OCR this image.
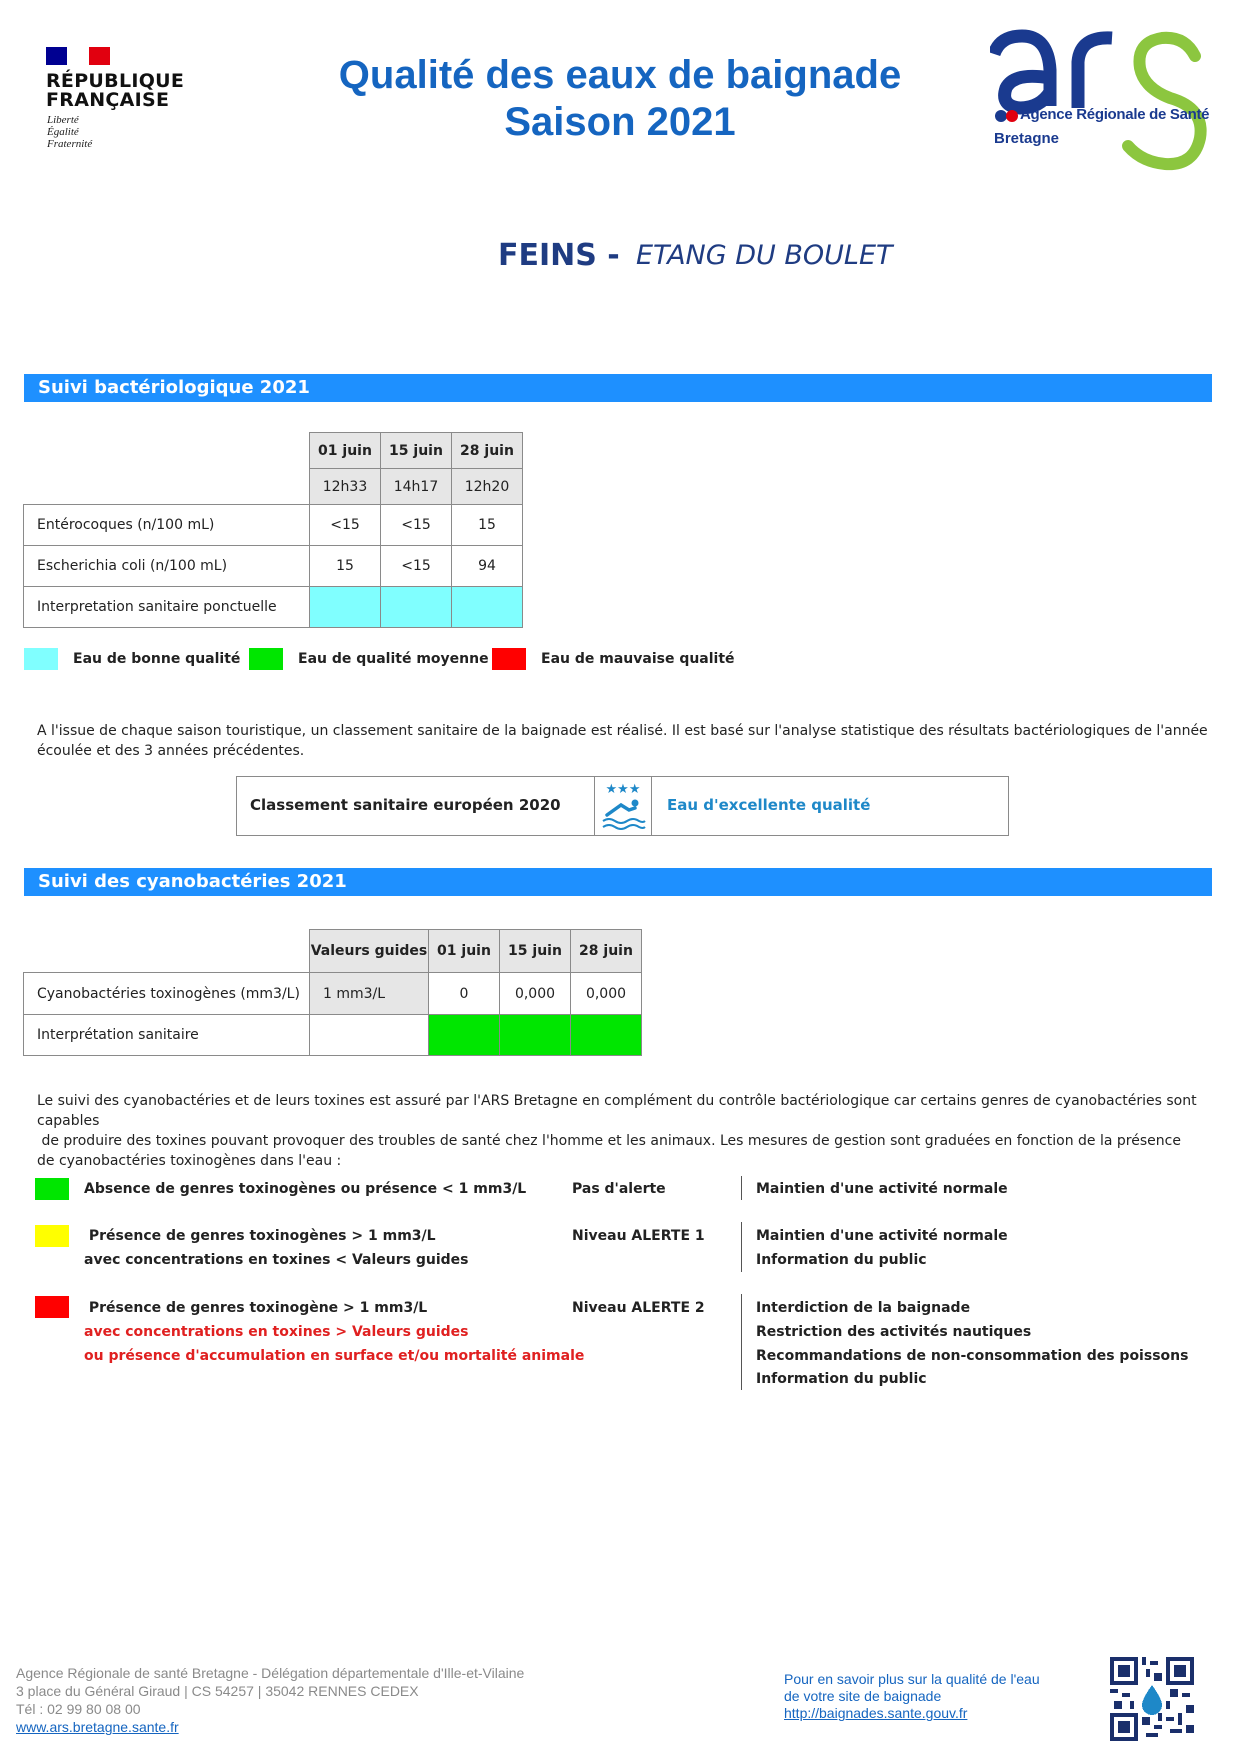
RÉPUBLIQUE
FRANÇAISE
Liberté
Égalité
Fraternité
Qualité des eaux de baignade
Saison 2021	Agence Régionale de Santé
Bretagne
FEINS - ETANG DU BOULET
Suivi bactériologique 2021
	01 juin	15 juin	28 juin
	12h33	14h17	12h20
Entérocoques (n/100 mL)	<15	<15	15
Escherichia coli (n/100 mL)	15	<15	94
Interpretation sanitaire ponctuelle			
Eau de bonne qualité	Eau de qualité moyenne	Eau de mauvaise qualité
A l'issue de chaque saison touristique, un classement sanitaire de la baignade est réalisé. Il est basé sur l'analyse statistique des résultats bactériologiques de l'année écoulée et des 3 années précédentes.
Classement sanitaire européen 2020
★★★
Eau d'excellente qualité
Suivi des cyanobactéries 2021
	Valeurs guides	01 juin	15 juin	28 juin
Cyanobactéries toxinogènes (mm3/L)	1 mm3/L	0	0,000	0,000
Interprétation sanitaire				
Le suivi des cyanobactéries et de leurs toxines est assuré par l'ARS Bretagne en complément du contrôle bactériologique car certains genres de cyanobactéries sont capables
de produire des toxines pouvant provoquer des troubles de santé chez l'homme et les animaux. Les mesures de gestion sont graduées en fonction de la présence
de cyanobactéries toxinogènes dans l'eau :
Absence de genres toxinogènes ou présence < 1 mm3/L	Pas d'alerte	Maintien d'une activité normale
Présence de genres toxinogènes > 1 mm3/L
avec concentrations en toxines < Valeurs guides
Niveau ALERTE 1	Maintien d'une activité normale
Information du public
Présence de genres toxinogène > 1 mm3/L
avec concentrations en toxines > Valeurs guides
ou présence d'accumulation en surface et/ou mortalité animale
Niveau ALERTE 2	Interdiction de la baignade
Restriction des activités nautiques
Recommandations de non-consommation des poissons
Information du public
Agence Régionale de santé Bretagne - Délégation départementale d'Ille-et-Vilaine
3 place du Général Giraud | CS 54257 | 35042 RENNES CEDEX
Tél : 02 99 80 08 00
www.ars.bretagne.sante.fr
Pour en savoir plus sur la qualité de l'eau
de votre site de baignade
http://baignades.sante.gouv.fr
